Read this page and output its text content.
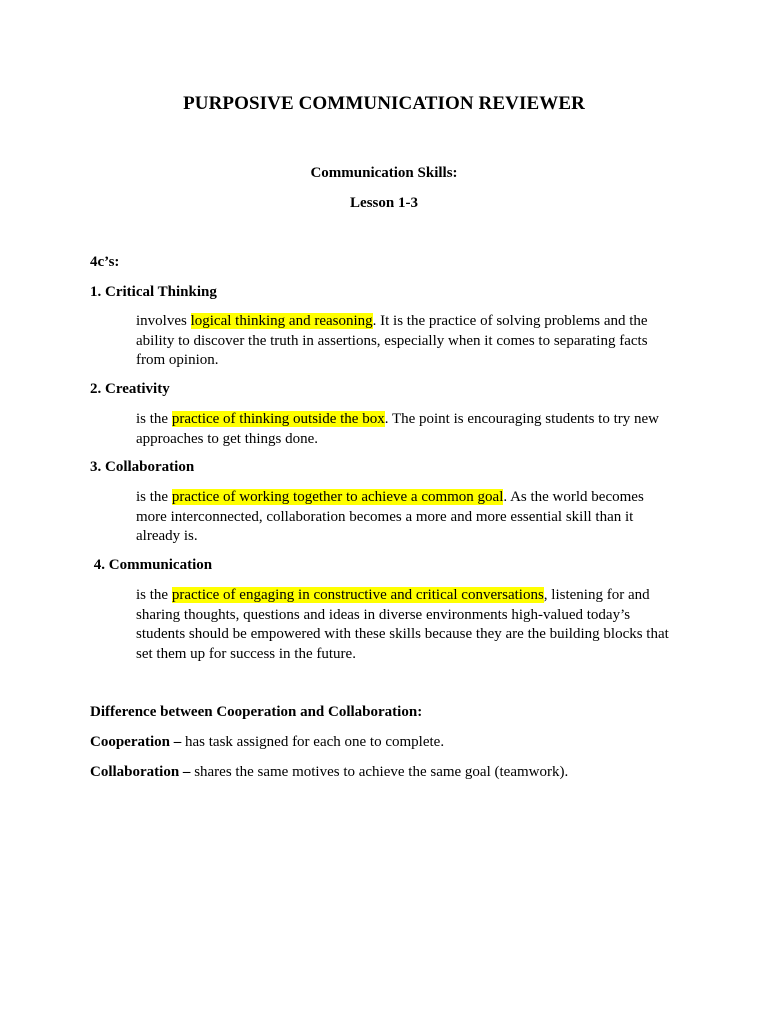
PURPOSIVE COMMUNICATION REVIEWER
Communication Skills:
Lesson 1-3
4c’s:
1. Critical Thinking
involves logical thinking and reasoning. It is the practice of solving problems and the ability to discover the truth in assertions, especially when it comes to separating facts from opinion.
2. Creativity
is the practice of thinking outside the box. The point is encouraging students to try new approaches to get things done.
3. Collaboration
is the practice of working together to achieve a common goal. As the world becomes more interconnected, collaboration becomes a more and more essential skill than it already is.
4. Communication
is the practice of engaging in constructive and critical conversations, listening for and sharing thoughts, questions and ideas in diverse environments high-valued today’s students should be empowered with these skills because they are the building blocks that set them up for success in the future.
Difference between Cooperation and Collaboration:
Cooperation – has task assigned for each one to complete.
Collaboration – shares the same motives to achieve the same goal (teamwork).
